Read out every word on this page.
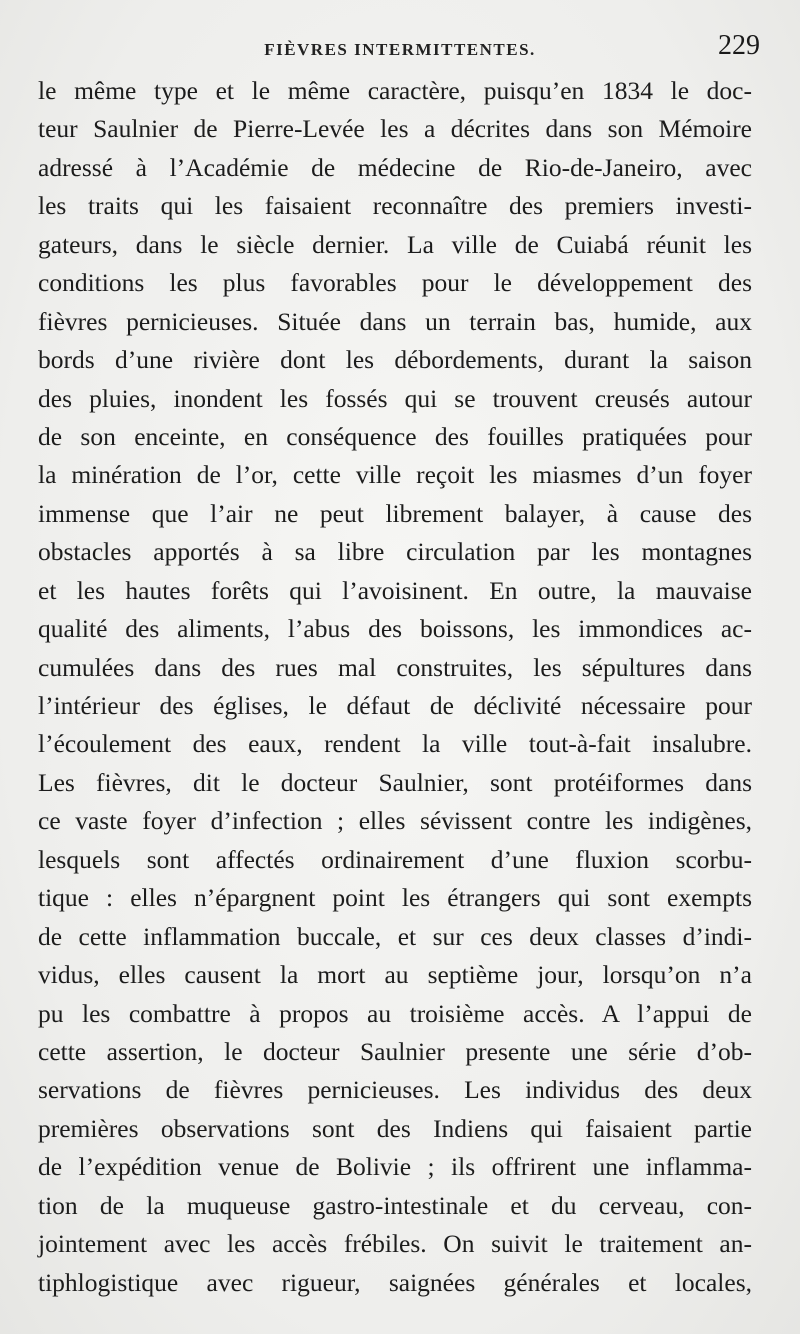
FIÈVRES INTERMITTENTES.	229
le même type et le même caractère, puisqu’en 1834 le doc-
teur Saulnier de Pierre-Levée les a décrites dans son Mémoire
adressé à l’Académie de médecine de Rio-de-Janeiro, avec
les traits qui les faisaient reconnaître des premiers investi-
gateurs, dans le siècle dernier. La ville de Cuiabá réunit les
conditions les plus favorables pour le développement des
fièvres pernicieuses. Située dans un terrain bas, humide, aux
bords d’une rivière dont les débordements, durant la saison
des pluies, inondent les fossés qui se trouvent creusés autour
de son enceinte, en conséquence des fouilles pratiquées pour
la minération de l’or, cette ville reçoit les miasmes d’un foyer
immense que l’air ne peut librement balayer, à cause des
obstacles apportés à sa libre circulation par les montagnes
et les hautes forêts qui l’avoisinent. En outre, la mauvaise
qualité des aliments, l’abus des boissons, les immondices ac-
cumulées dans des rues mal construites, les sépultures dans
l’intérieur des églises, le défaut de déclivité nécessaire pour
l’écoulement des eaux, rendent la ville tout-à-fait insalubre.
Les fièvres, dit le docteur Saulnier, sont protéiformes dans
ce vaste foyer d’infection ; elles sévissent contre les indigènes,
lesquels sont affectés ordinairement d’une fluxion scorbu-
tique : elles n’épargnent point les étrangers qui sont exempts
de cette inflammation buccale, et sur ces deux classes d’indi-
vidus, elles causent la mort au septième jour, lorsqu’on n’a
pu les combattre à propos au troisième accès. A l’appui de
cette assertion, le docteur Saulnier presente une série d’ob-
servations de fièvres pernicieuses. Les individus des deux
premières observations sont des Indiens qui faisaient partie
de l’expédition venue de Bolivie ; ils offrirent une inflamma-
tion de la muqueuse gastro-intestinale et du cerveau, con-
jointement avec les accès frébiles. On suivit le traitement an-
tiphlogistique avec rigueur, saignées générales et locales,
